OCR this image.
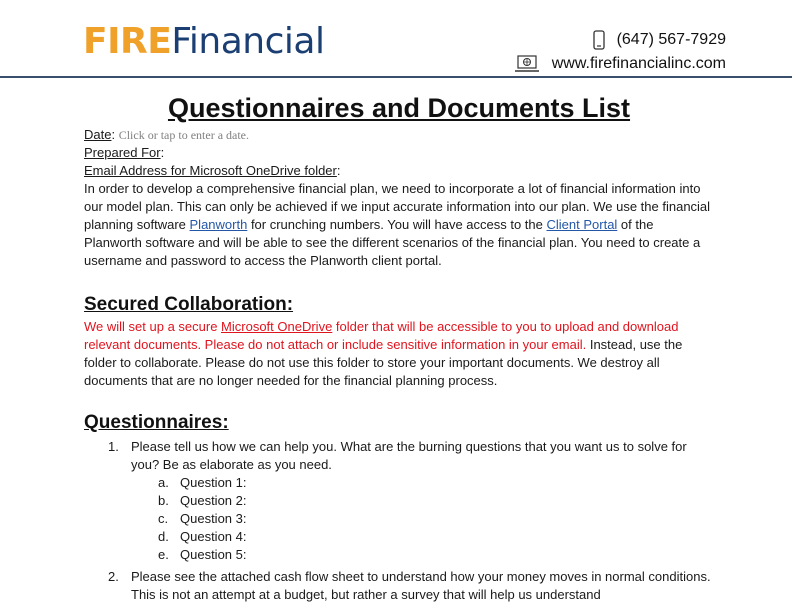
FIREFinancial	(647) 567-7929
www.firefinancialinc.com
Questionnaires and Documents List
Date: Click or tap to enter a date.
Prepared For:
Email Address for Microsoft OneDrive folder:

In order to develop a comprehensive financial plan, we need to incorporate a lot of financial information into our model plan. This can only be achieved if we input accurate information into our plan. We use the financial planning software Planworth for crunching numbers. You will have access to the Client Portal of the Planworth software and will be able to see the different scenarios of the financial plan. You need to create a username and password to access the Planworth client portal.

Secured Collaboration:

We will set up a secure Microsoft OneDrive folder that will be accessible to you to upload and download relevant documents. Please do not attach or include sensitive information in your email. Instead, use the folder to collaborate. Please do not use this folder to store your important documents. We destroy all documents that are no longer needed for the financial planning process.

Questionnaires:
1. Please tell us how we can help you. What are the burning questions that you want us to solve for you? Be as elaborate as you need.
a. Question 1:
b. Question 2:
c. Question 3:
d. Question 4:
e. Question 5:
2. Please see the attached cash flow sheet to understand how your money moves in normal conditions. This is not an attempt at a budget, but rather a survey that will help us understand
